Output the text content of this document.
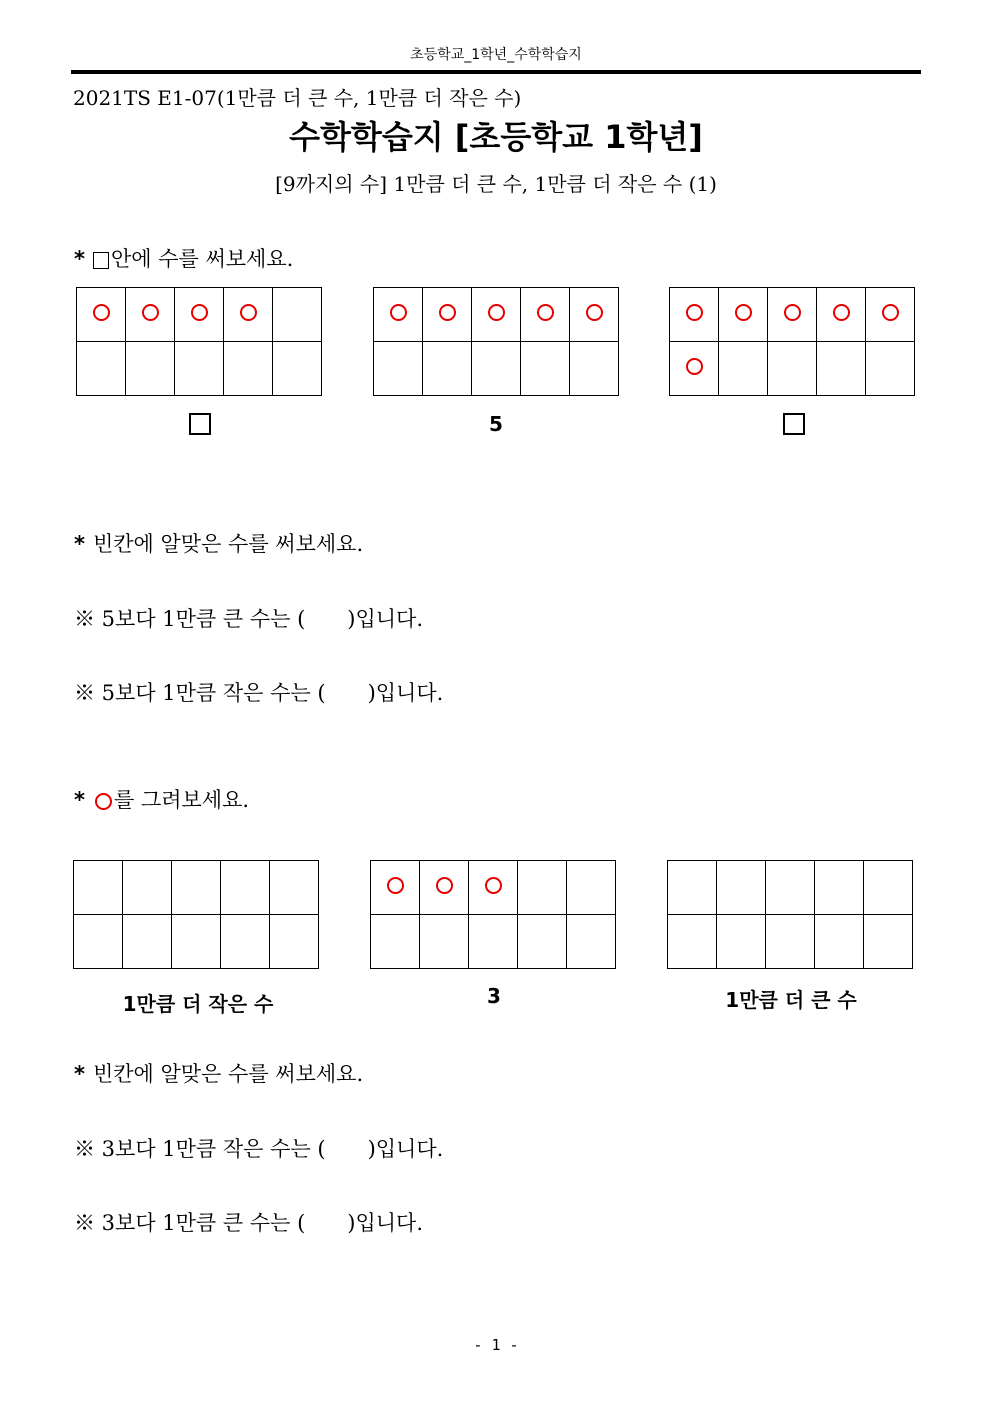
초등학교_1학년_수학학습지
2021TS E1-07(1만큼 더 큰 수, 1만큼 더 작은 수)
수학학습지 [초등학교 1학년]
[9까지의 수] 1만큼 더 큰 수, 1만큼 더 작은 수 (1)
* 안에 수를 써보세요.

5
* 빈칸에 알맞은 수를 써보세요.
※ 5보다 1만큼 큰 수는 (　　)입니다.
※ 5보다 1만큼 작은 수는 (　　)입니다.
* 를 그려보세요.

1만큼 더 작은 수	3	1만큼 더 큰 수
* 빈칸에 알맞은 수를 써보세요.
※ 3보다 1만큼 작은 수는 (　　)입니다.
※ 3보다 1만큼 큰 수는 (　　)입니다.
- 1 -
